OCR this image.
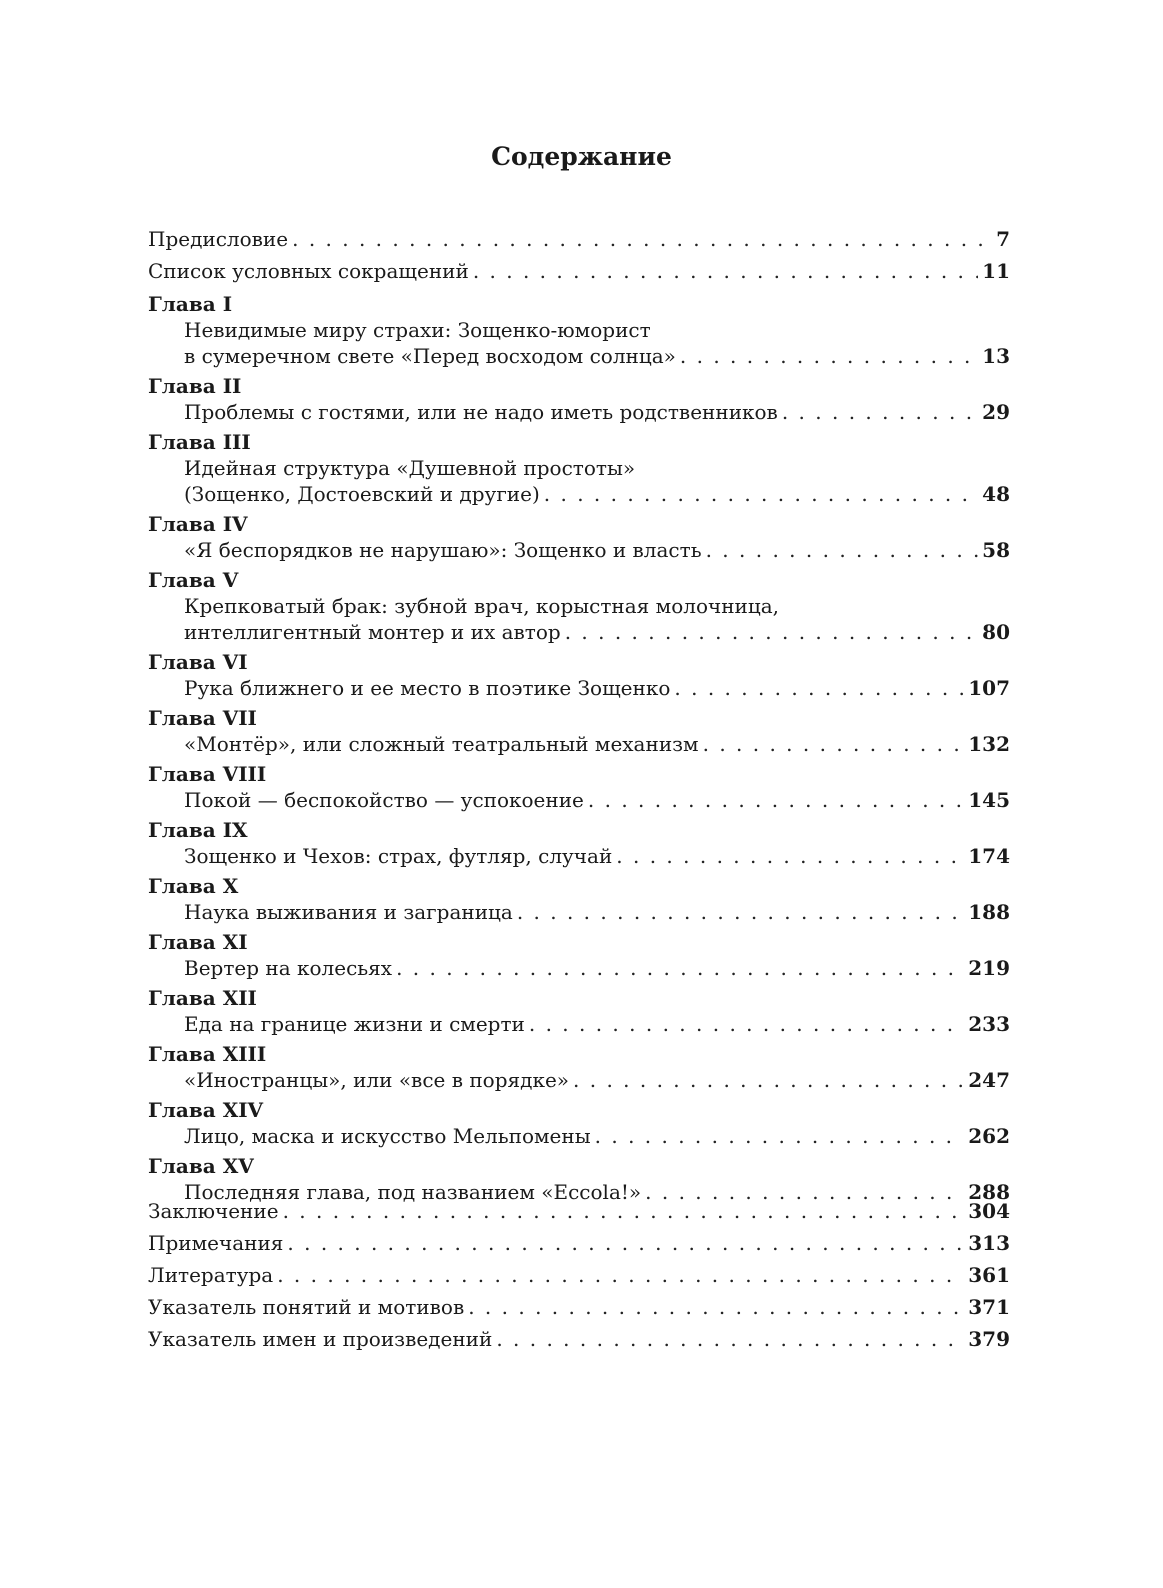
Содержание
Предисловие . . .	7
Список условных сокращений . . .	11
Глава I
Невидимые миру страхи: Зощенко-юморист
в сумеречном свете «Перед восходом солнца» . . .	13
Глава II
Проблемы с гостями, или не надо иметь родственников . . .	29
Глава III
Идейная структура «Душевной простоты»
(Зощенко, Достоевский и другие) . . .	48
Глава IV
«Я беспорядков не нарушаю»: Зощенко и власть . . .	58
Глава V
Крепковатый брак: зубной врач, корыстная молочница,
интеллигентный монтер и их автор . . .	80
Глава VI
Рука ближнего и ее место в поэтике Зощенко . . .	107
Глава VII
«Монтёр», или сложный театральный механизм . . .	132
Глава VIII
Покой — беспокойство — успокоение . . .	145
Глава IX
Зощенко и Чехов: страх, футляр, случай . . .	174
Глава X
Наука выживания и заграница . . .	188
Глава XI
Вертер на колесьях . . .	219
Глава XII
Еда на границе жизни и смерти . . .	233
Глава XIII
«Иностранцы», или «все в порядке» . . .	247
Глава XIV
Лицо, маска и искусство Мельпомены . . .	262
Глава XV
Последняя глава, под названием «Eccola!» . . .	288
Заключение . . .	304
Примечания . . .	313
Литература . . .	361
Указатель понятий и мотивов . . .	371
Указатель имен и произведений . . .	379
